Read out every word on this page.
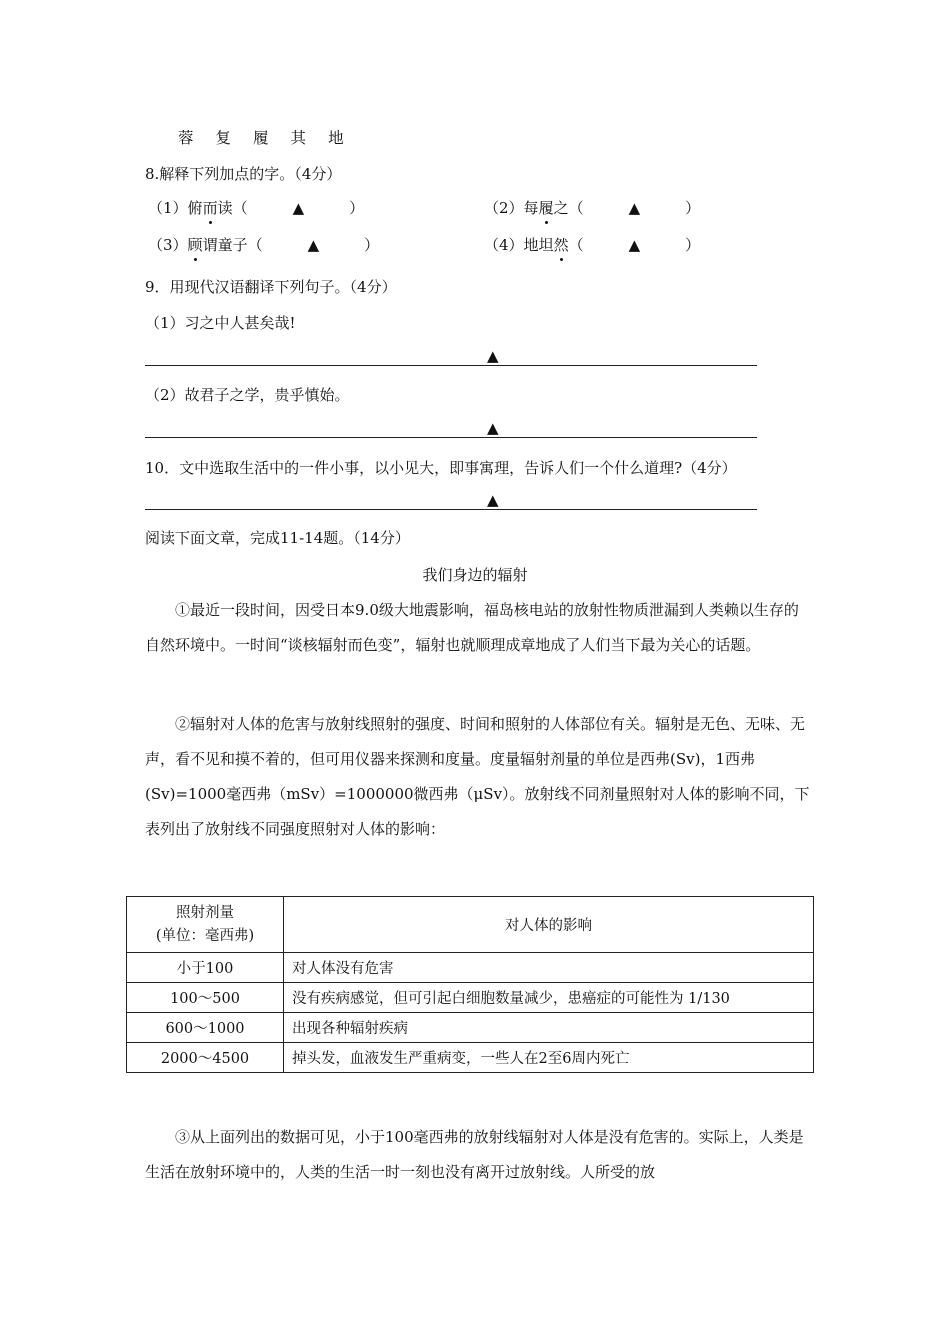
蓉 复 履 其 地
8.解释下列加点的字。（4分）
（1）俯而读（　　　▲　　　）	（2）每履之（　　　▲　　　）
（3）顾谓童子（　　　▲　　　）	（4）地坦然（　　　▲　　　）
9．用现代汉语翻译下列句子。（4分）
（1）习之中人甚矣哉!
▲
（2）故君子之学，贵乎慎始。
▲
10．文中选取生活中的一件小事，以小见大，即事寓理，告诉人们一个什么道理?（4分）
▲
阅读下面文章，完成11-14题。（14分）
我们身边的辐射

①最近一段时间，因受日本9.0级大地震影响，福岛核电站的放射性物质泄漏到人类赖以生存的自然环境中。一时间“谈核辐射而色变”，辐射也就顺理成章地成了人们当下最为关心的话题。

②辐射对人体的危害与放射线照射的强度、时间和照射的人体部位有关。辐射是无色、无味、无声，看不见和摸不着的，但可用仪器来探测和度量。度量辐射剂量的单位是西弗(Sv)，1西弗(Sv)=1000毫西弗（mSv）=1000000微西弗（μSv）。放射线不同剂量照射对人体的影响不同，下表列出了放射线不同强度照射对人体的影响：

照射剂量
(单位：毫西弗)	对人体的影响
小于100	对人体没有危害
100～500	没有疾病感觉，但可引起白细胞数量减少，患癌症的可能性为 1/130
600～1000	出现各种辐射疾病
2000～4500	掉头发，血液发生严重病变，一些人在2至6周内死亡

③从上面列出的数据可见，小于100毫西弗的放射线辐射对人体是没有危害的。实际上，人类是生活在放射环境中的，人类的生活一时一刻也没有离开过放射线。人所受的放
